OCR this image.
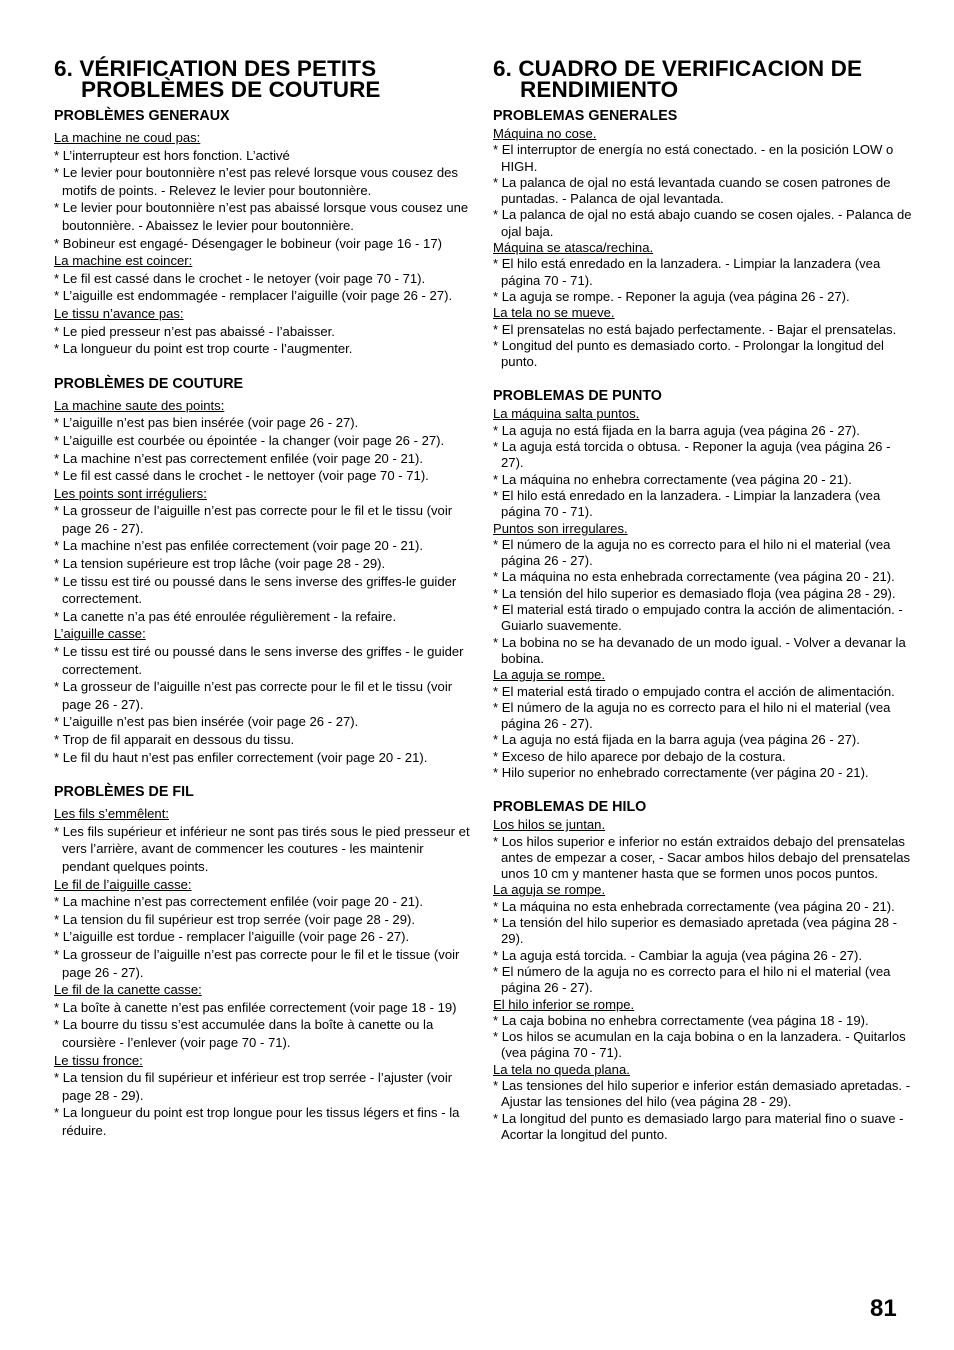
6. VÉRIFICATION DES PETITS PROBLÈMES DE COUTURE
PROBLÈMES GENERAUX
La machine ne coud pas:
* L’interrupteur est hors fonction. L’activé
* Le levier pour boutonnière n’est pas relevé lorsque vous cousez des motifs de points. - Relevez le levier pour boutonnière.
* Le levier pour boutonnière n’est pas abaissé lorsque vous cousez une boutonnière. - Abaissez le levier pour boutonnière.
* Bobineur est engagé- Désengager le bobineur (voir page 16 - 17)
La machine est coincer:
* Le fil est cassé dans le crochet - le netoyer (voir page 70 - 71).
* L’aiguille est endommagée - remplacer l’aiguille (voir page 26 - 27).
Le tissu n’avance pas:
* Le pied presseur n’est pas abaissé - l’abaisser.
* La longueur du point est trop courte - l’augmenter.
PROBLÈMES DE COUTURE
La machine saute des points:
* L’aiguille n’est pas bien insérée (voir page 26 - 27).
* L’aiguille est courbée ou épointée - la changer (voir page 26 - 27).
* La machine n’est pas correctement enfilée (voir page 20 - 21).
* Le fil est cassé dans le crochet - le nettoyer (voir page 70 - 71).
Les points sont irréguliers:
* La grosseur de l’aiguille n’est pas correcte pour le fil et le tissu (voir page 26 - 27).
* La machine n’est pas enfilée correctement (voir page 20 - 21).
* La tension supérieure est trop lâche (voir page 28 - 29).
* Le tissu est tiré ou poussé dans le sens inverse des griffes-le guider correctement.
* La canette n’a pas été enroulée régulièrement - la refaire.
L’aiguille casse:
* Le tissu est tiré ou poussé dans le sens inverse des griffes - le guider correctement.
* La grosseur de l’aiguille n’est pas correcte pour le fil et le tissu (voir page 26 - 27).
* L’aiguille n’est pas bien insérée (voir page 26 - 27).
* Trop de fil apparait en dessous du tissu.
* Le fil du haut n’est pas enfiler correctement (voir page 20 - 21).
PROBLÈMES DE FIL
Les fils s’emmêlent:
* Les fils supérieur et inférieur ne sont pas tirés sous le pied presseur et vers l’arrière, avant de commencer les coutures - les maintenir pendant quelques points.
Le fil de l’aiguille casse:
* La machine n’est pas correctement enfilée (voir page 20 - 21).
* La tension du fil supérieur est trop serrée (voir page 28 - 29).
* L’aiguille est tordue - remplacer l’aiguille (voir page 26 - 27).
* La grosseur de l’aiguille n’est pas correcte pour le fil et le tissue (voir page 26 - 27).
Le fil de la canette casse:
* La boîte à canette n’est pas enfilée correctement (voir page 18 - 19)
* La bourre du tissu s’est accumulée dans la boîte à canette ou la coursière - l’enlever (voir page 70 - 71).
Le tissu fronce:
* La tension du fil supérieur et inférieur est trop serrée - l’ajuster (voir page 28 - 29).
* La longueur du point est trop longue pour les tissus légers et fins - la réduire.
6. CUADRO DE VERIFICACION DE RENDIMIENTO
PROBLEMAS GENERALES
Máquina no cose.
* El interruptor de energía no está conectado. - en la posición LOW o HIGH.
* La palanca de ojal no está levantada cuando se cosen patrones de puntadas. - Palanca de ojal levantada.
* La palanca de ojal no está abajo cuando se cosen ojales. - Palanca de ojal baja.
Máquina se atasca/rechina.
* El hilo está enredado en la lanzadera. - Limpiar la lanzadera (vea página 70 - 71).
* La aguja se rompe. - Reponer la aguja (vea página 26 - 27).
La tela no se mueve.
* El prensatelas no está bajado perfectamente. - Bajar el prensatelas.
* Longitud del punto es demasiado corto. - Prolongar la longitud del punto.
PROBLEMAS DE PUNTO
La máquina salta puntos.
* La aguja no está fijada en la barra aguja (vea página 26 - 27).
* La aguja está torcida o obtusa. - Reponer la aguja (vea página 26 - 27).
* La máquina no enhebra correctamente (vea página 20 - 21).
* El hilo está enredado en la lanzadera. - Limpiar la lanzadera (vea página 70 - 71).
Puntos son irregulares.
* El número de la aguja no es correcto para el hilo ni el material (vea página 26 - 27).
* La máquina no esta enhebrada correctamente (vea página 20 - 21).
* La tensión del hilo superior es demasiado floja (vea página 28 - 29).
* El material está tirado o empujado contra la acción de alimentación. - Guiarlo suavemente.
* La bobina no se ha devanado de un modo igual. - Volver a devanar la bobina.
La aguja se rompe.
* El material está tirado o empujado contra el acción de alimentación.
* El número de la aguja no es correcto para el hilo ni el material (vea página 26 - 27).
* La aguja no está fijada en la barra aguja (vea página 26 - 27).
* Exceso de hilo aparece por debajo de la costura.
* Hilo superior no enhebrado correctamente (ver página 20 - 21).
PROBLEMAS DE HILO
Los hilos se juntan.
* Los hilos superior e inferior no están extraidos debajo del prensatelas antes de empezar a coser, - Sacar ambos hilos debajo del prensatelas unos 10 cm y mantener hasta que se formen unos pocos puntos.
La aguja se rompe.
* La máquina no esta enhebrada correctamente (vea página 20 - 21).
* La tensión del hilo superior es demasiado apretada (vea página 28 - 29).
* La aguja está torcida. - Cambiar la aguja (vea página 26 - 27).
* El número de la aguja no es correcto para el hilo ni el material (vea página 26 - 27).
El hilo inferior se rompe.
* La caja bobina no enhebra correctamente (vea página 18 - 19).
* Los hilos se acumulan en la caja bobina o en la lanzadera. - Quitarlos (vea página 70 - 71).
La tela no queda plana.
* Las tensiones del hilo superior e inferior están demasiado apretadas. - Ajustar las tensiones del hilo (vea página 28 - 29).
* La longitud del punto es demasiado largo para material fino o suave - Acortar la longitud del punto.
81
